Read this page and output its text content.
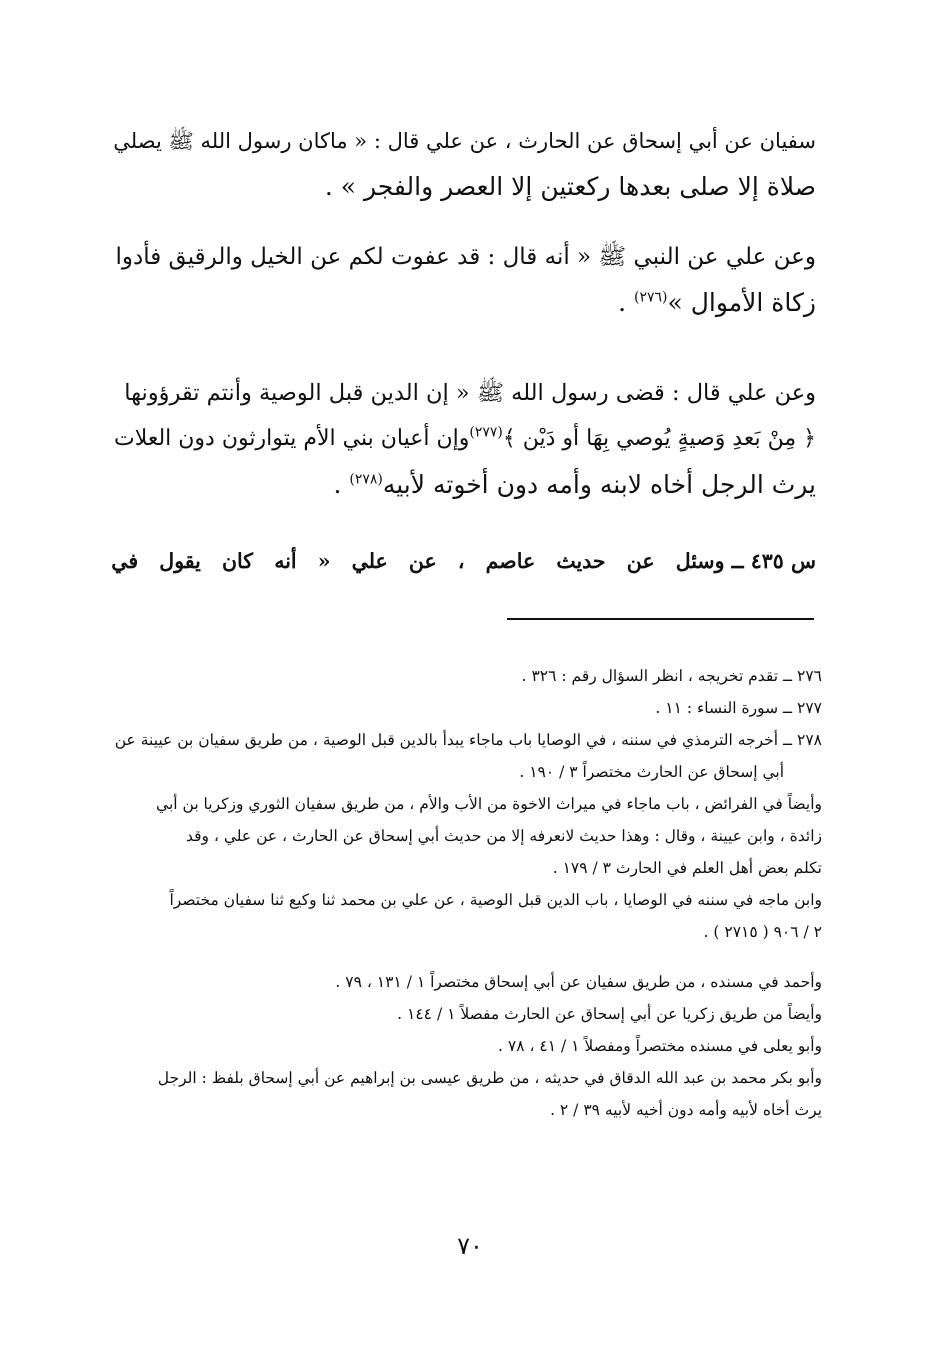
سفيان عن أبي إسحاق عن الحارث ، عن علي قال : « ماكان رسول الله ﷺ يصلي
صلاة إلا صلى بعدها ركعتين إلا العصر والفجر » .

وعن علي عن النبي ﷺ « أنه قال : قد عفوت لكم عن الخيل والرقيق فأدوا
زكاة الأموال »$^{(٢٧٦)}$ .

وعن علي قال : قضى رسول الله ﷺ « إن الدين قبل الوصية وأنتم تقرؤونها
﴿ مِنْ بَعدِ وَصيةٍ يُوصي بِهَا أو دَيْن ﴾$^{(٢٧٧)}$وإن أعيان بني الأم يتوارثون دون العلات
يرث الرجل أخاه لابنه وأمه دون أخوته لأبيه$^{(٢٧٨)}$ .

س ٤٣٥ ــ وسئل عن حديث عاصم ، عن علي « أنه كان يقول في
٢٧٦ ــ تقدم تخريجه ، انظر السؤال رقم : ٣٢٦ .
٢٧٧ ــ سورة النساء : ١١ .
٢٧٨ ــ أخرجه الترمذي في سننه ، في الوصايا باب ماجاء يبدأ بالدين قبل الوصية ، من طريق سفيان بن عيينة عن
أبي إسحاق عن الحارث مختصراً ٣ / ١٩٠ .
وأيضاً في الفرائض ، باب ماجاء في ميراث الاخوة من الأب والأم ، من طريق سفيان الثوري وزكريا بن أبي
زائدة ، وابن عيينة ، وقال : وهذا حديث لانعرفه إلا من حديث أبي إسحاق عن الحارث ، عن علي ، وقد
تكلم بعض أهل العلم في الحارث ٣ / ١٧٩ .
وابن ماجه في سننه في الوصايا ، باب الدين قبل الوصية ، عن علي بن محمد ثنا وكيع ثنا سفيان مختصراً
٢ / ٩٠٦ ( ٢٧١٥ ) .
وأحمد في مسنده ، من طريق سفيان عن أبي إسحاق مختصراً ١ / ١٣١ ، ٧٩ .
وأيضاً من طريق زكريا عن أبي إسحاق عن الحارث مفصلاً ١ / ١٤٤ .
وأبو يعلى في مسنده مختصراً ومفصلاً ١ / ٤١ ، ٧٨ .
وأبو بكر محمد بن عبد الله الدقاق في حديثه ، من طريق عيسى بن إبراهيم عن أبي إسحاق بلفظ : الرجل
يرث أخاه لأبيه وأمه دون أخيه لأبيه ٣٩ / ٢ .
٧٠
